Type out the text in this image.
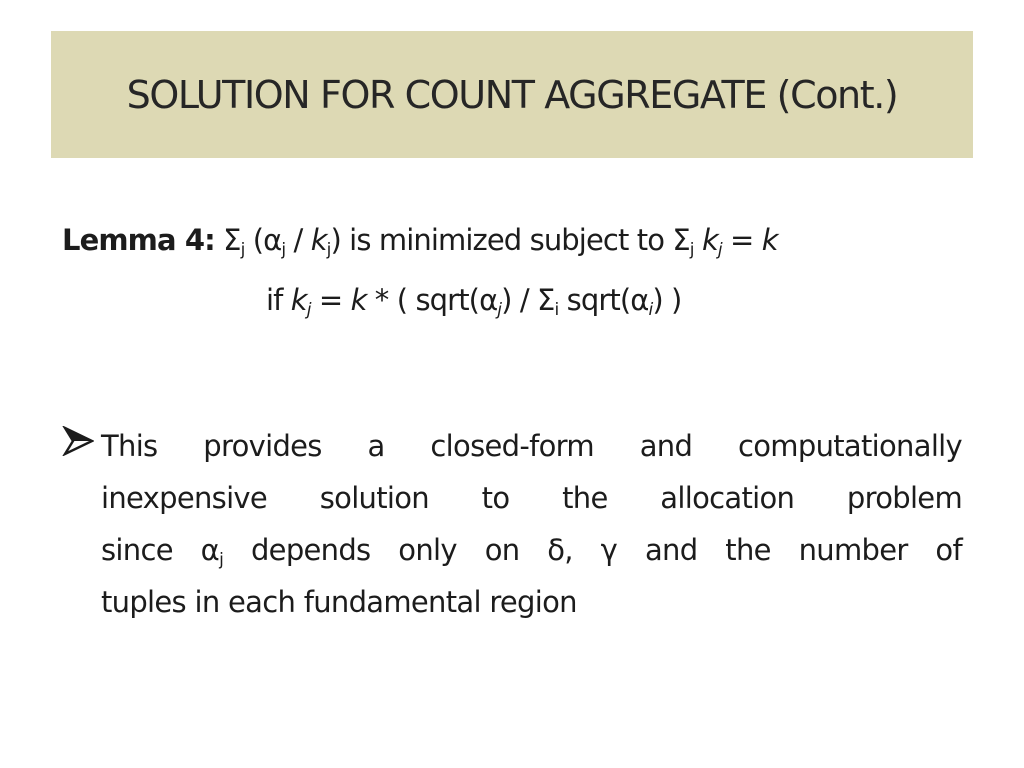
SOLUTION FOR COUNT AGGREGATE (Cont.)
Lemma 4: $\Sigma_j$ $(\alpha_j / k_j)$ is minimized subject to $\Sigma_j$ $k_j = k$
if $k_j = k$ * ( $sqrt(\alpha_j) / \Sigma_i$ $sqrt(\alpha_i)$ )
This provides a closed-form and computationally
inexpensive solution to the allocation problem
since $\alpha_j$ depends only on δ, γ and the number of
tuples in each fundamental region
